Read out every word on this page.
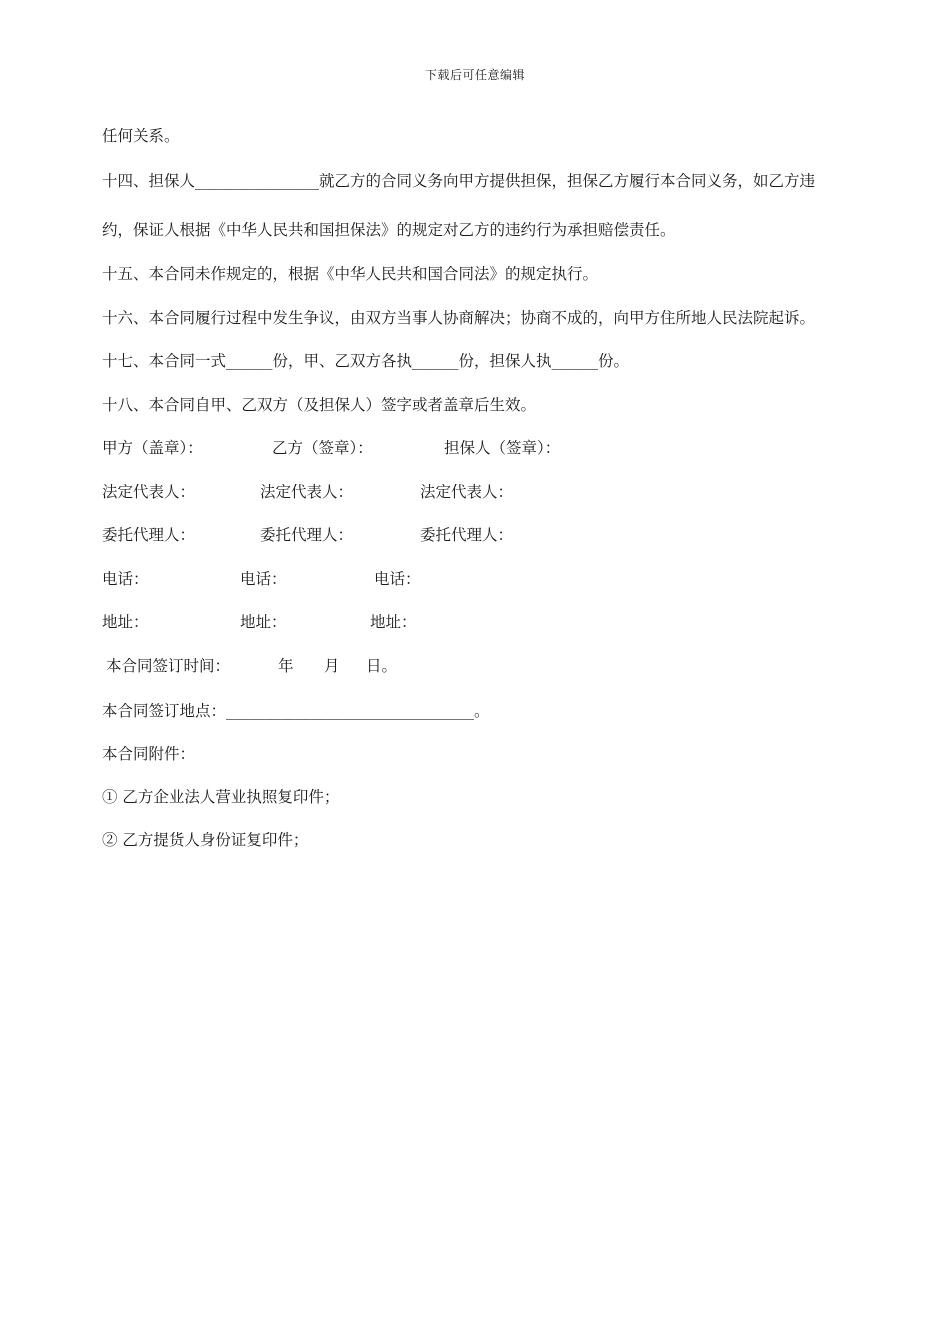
下载后可任意编辑
任何关系。
十四、担保人________________就乙方的合同义务向甲方提供担保，担保乙方履行本合同义务，如乙方违
约，保证人根据《中华人民共和国担保法》的规定对乙方的违约行为承担赔偿责任。
十五、本合同未作规定的，根据《中华人民共和国合同法》的规定执行。
十六、本合同履行过程中发生争议，由双方当事人协商解决；协商不成的，向甲方住所地人民法院起诉。
十七、本合同一式______份，甲、乙双方各执______份，担保人执______份。
十八、本合同自甲、乙双方（及担保人）签字或者盖章后生效。
甲方（盖章）：	乙方（签章）：	担保人（签章）：
法定代表人：	法定代表人：	法定代表人：
委托代理人：	委托代理人：	委托代理人：
电话：	电话：	电话：
地址：	地址：	地址：
本合同签订时间：	年 月 日。
本合同签订地点：________________________________。
本合同附件：
① 乙方企业法人营业执照复印件；
② 乙方提货人身份证复印件；
